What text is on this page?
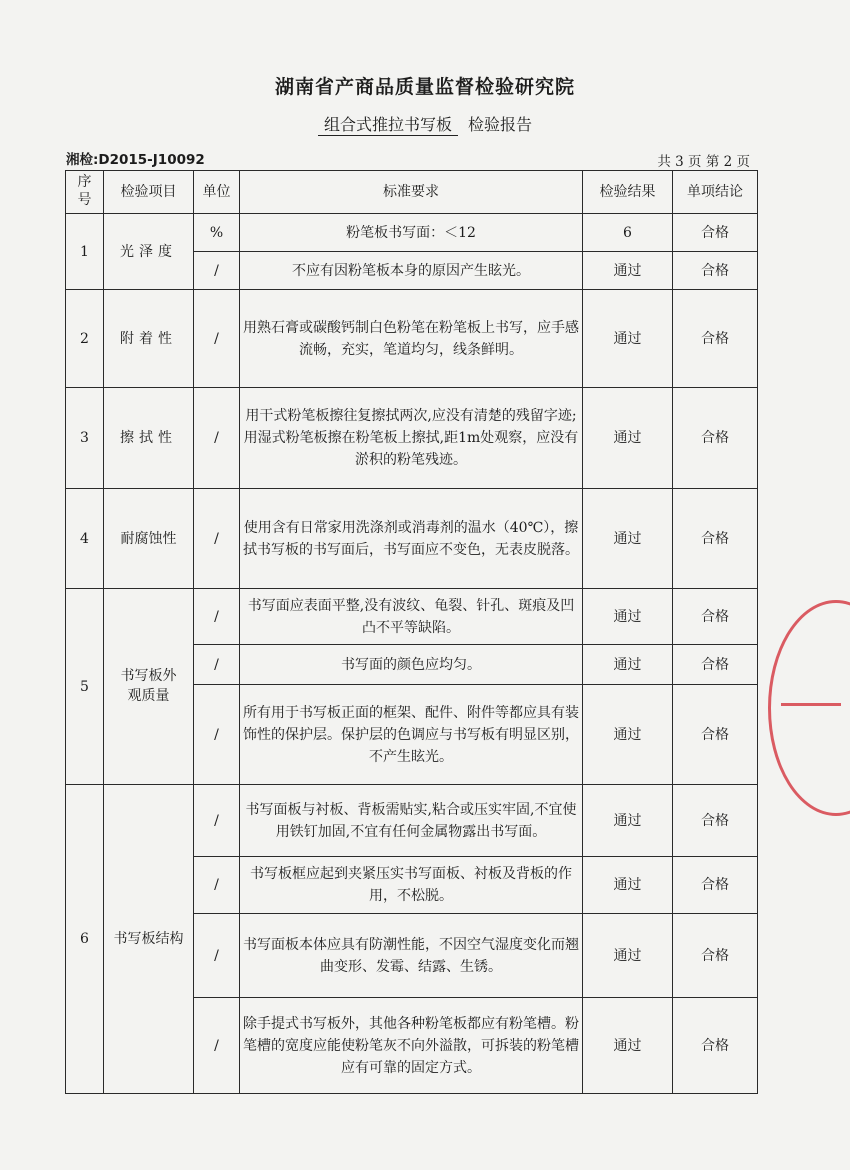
湖南省产商品质量监督检验研究院
组合式推拉书写板 检验报告
湘检:D2015-J10092	共 3 页 第 2 页
序号	检验项目	单位	标准要求	检验结果	单项结论
1	光泽度	%	粉笔板书写面：＜12	6	合格
		/	不应有因粉笔板本身的原因产生眩光。	通过	合格
2	附着性	/	用熟石膏或碳酸钙制白色粉笔在粉笔板上书写，应手感流畅，充实，笔道均匀，线条鲜明。	通过	合格
3	擦拭性	/	用干式粉笔板擦往复擦拭两次,应没有清楚的残留字迹;用湿式粉笔板擦在粉笔板上擦拭,距1m处观察，应没有淤积的粉笔残迹。	通过	合格
4	耐腐蚀性	/	使用含有日常家用洗涤剂或消毒剂的温水（40℃），擦拭书写板的书写面后，书写面应不变色，无表皮脱落。	通过	合格
5	书写板外观质量	/	书写面应表面平整,没有波纹、龟裂、针孔、斑痕及凹凸不平等缺陷。	通过	合格
		/	书写面的颜色应均匀。	通过	合格
		/	所有用于书写板正面的框架、配件、附件等都应具有装饰性的保护层。保护层的色调应与书写板有明显区别，不产生眩光。	通过	合格
6	书写板结构	/	书写面板与衬板、背板需贴实,粘合或压实牢固,不宜使用铁钉加固,不宜有任何金属物露出书写面。	通过	合格
		/	书写板框应起到夹紧压实书写面板、衬板及背板的作用，不松脱。	通过	合格
		/	书写面板本体应具有防潮性能，不因空气湿度变化而翘曲变形、发霉、结露、生锈。	通过	合格
		/	除手提式书写板外，其他各种粉笔板都应有粉笔槽。粉笔槽的宽度应能使粉笔灰不向外溢散，可拆装的粉笔槽应有可靠的固定方式。	通过	合格
